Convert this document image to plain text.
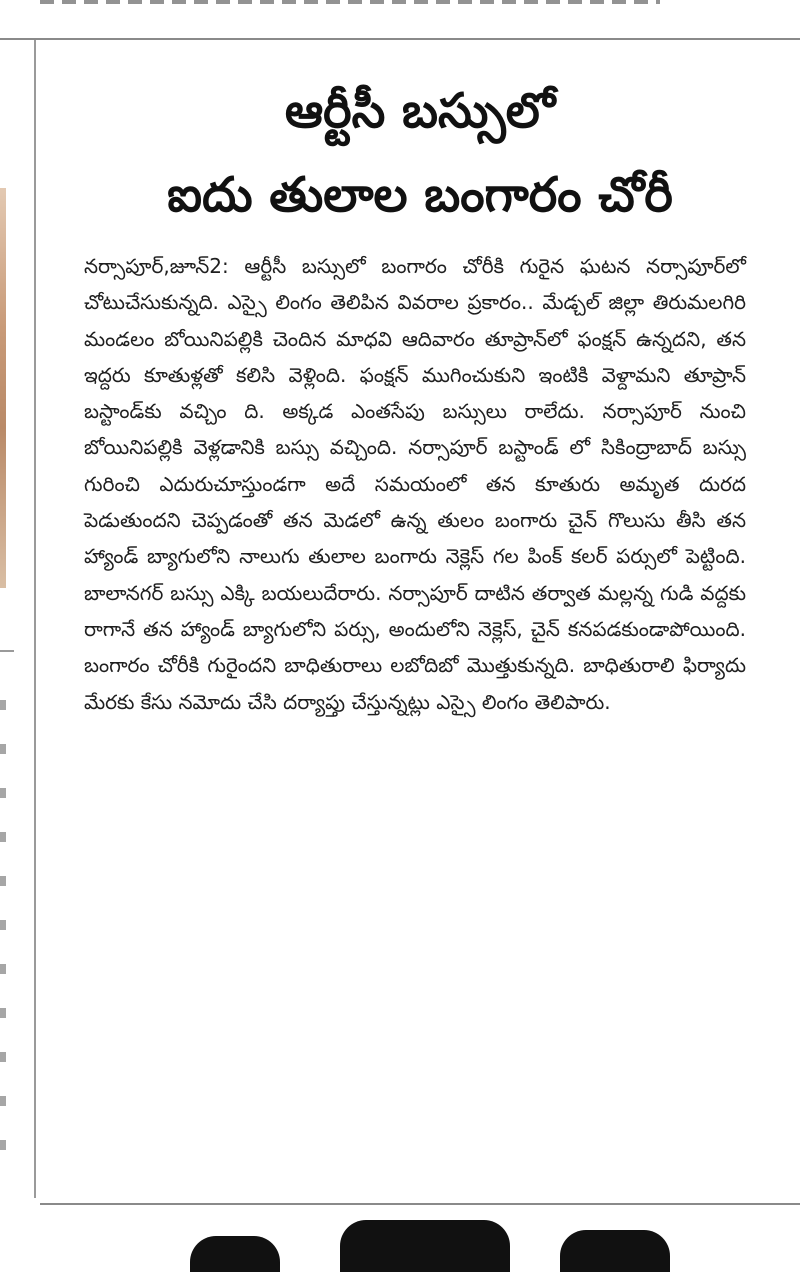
ఆర్టీసీ బస్సులో
ఐదు తులాల బంగారం చోరీ
నర్సాపూర్,జూన్2: ఆర్టీసీ బస్సులో బంగారం చోరీకి గురైన ఘటన నర్సాపూర్‌లో చోటుచేసుకున్నది. ఎస్సై లింగం తెలిపిన వివరాల ప్రకారం.. మేడ్చల్ జిల్లా తిరుమలగిరి మండలం బోయినిపల్లికి చెందిన మాధవి ఆదివారం తూప్రాన్‌లో ఫంక్షన్ ఉన్నదని, తన ఇద్దరు కూతుళ్లతో కలిసి వెళ్లింది. ఫంక్షన్ ముగించుకుని ఇంటికి వెళ్దామని తూప్రాన్ బస్టాండ్‌కు వచ్చిం ది. అక్కడ ఎంతసేపు బస్సులు రాలేదు. నర్సాపూర్ నుంచి బోయినిపల్లికి వెళ్లడానికి బస్సు వచ్చింది. నర్సాపూర్ బస్టాండ్ లో సికింద్రాబాద్ బస్సు గురించి ఎదురుచూస్తుండగా అదే సమయంలో తన కూతురు అమృత దురద పెడుతుందని చెప్పడంతో తన మెడలో ఉన్న తులం బంగారు చైన్ గొలుసు తీసి తన హ్యాండ్ బ్యాగులోని నాలుగు తులాల బంగారు నెక్లెస్ గల పింక్ కలర్ పర్సులో పెట్టింది. బాలానగర్ బస్సు ఎక్కి బయలుదేరారు. నర్సాపూర్ దాటిన తర్వాత మల్లన్న గుడి వద్దకు రాగానే తన హ్యాండ్ బ్యాగులోని పర్సు, అందులోని నెక్లెస్, చైన్ కనపడకుండాపోయింది. బంగారం చోరీకి గురైందని బాధితురాలు లబోదిబో మొత్తుకున్నది. బాధితురాలి ఫిర్యాదు మేరకు కేసు నమోదు చేసి దర్యాప్తు చేస్తున్నట్లు ఎస్సై లింగం తెలిపారు.
